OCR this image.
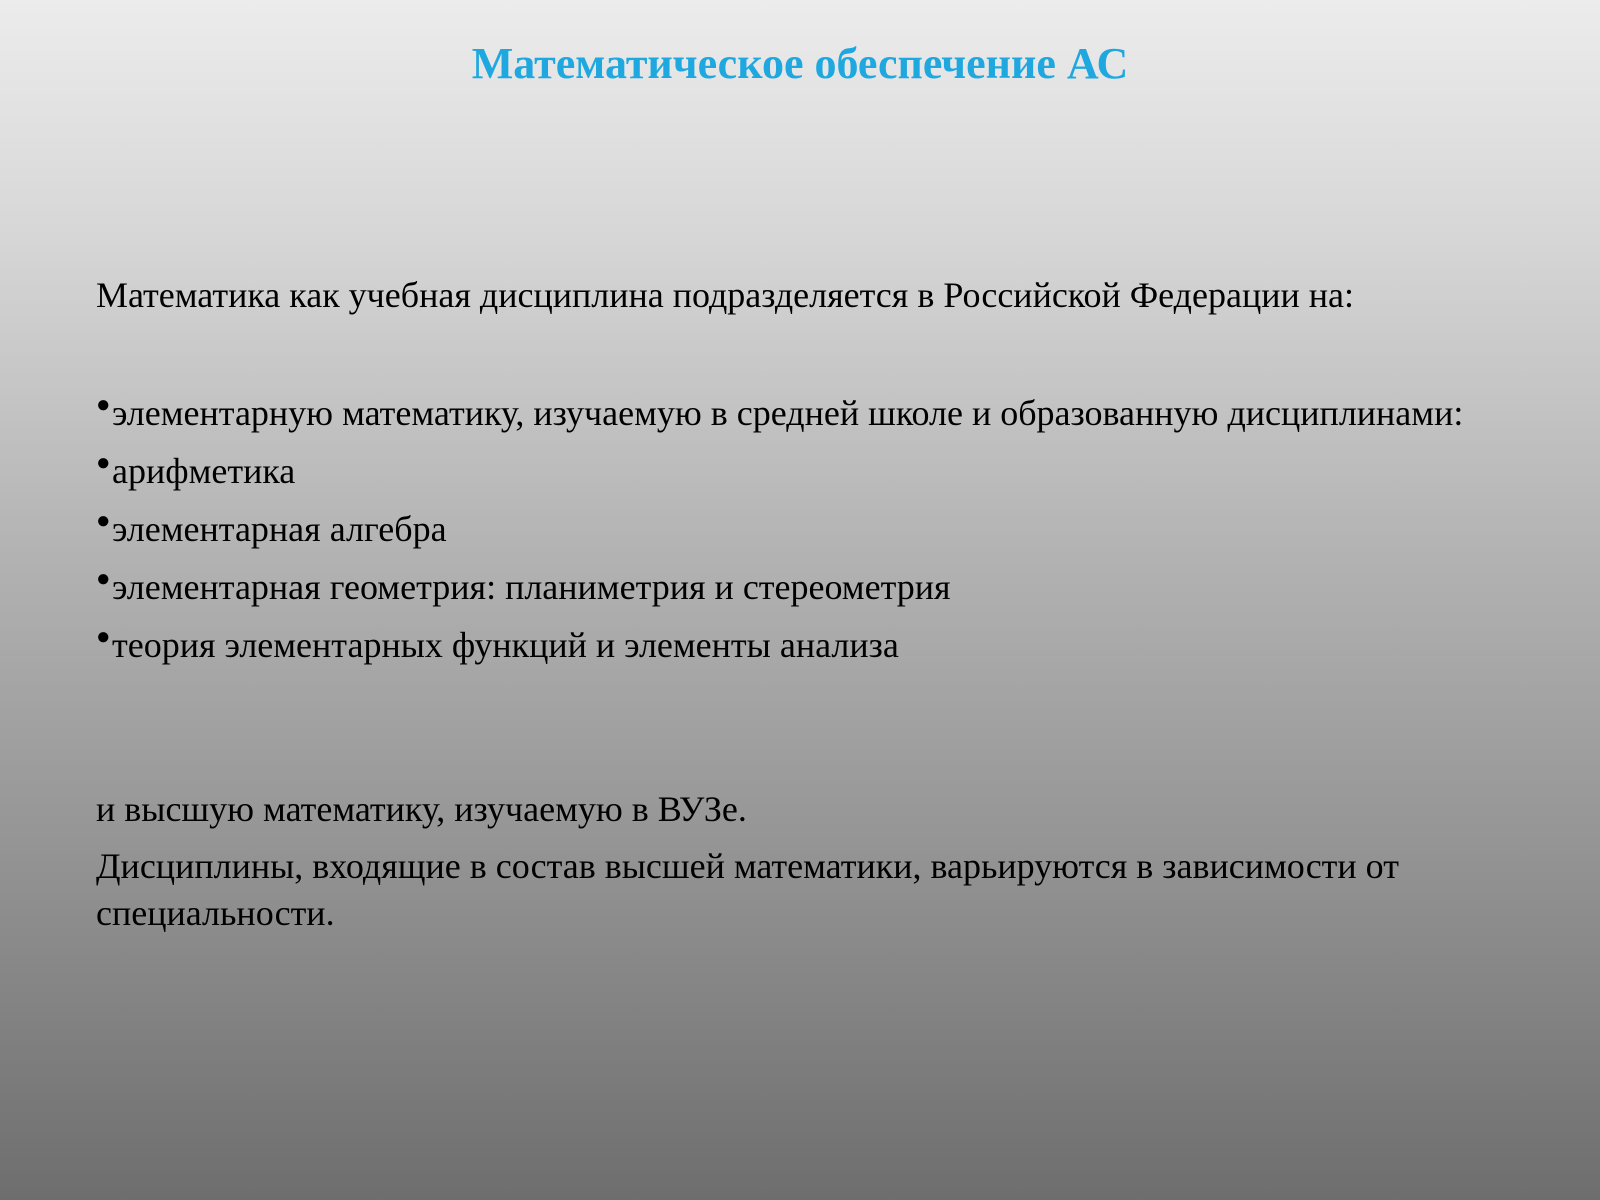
Математическое обеспечение АС

Математика как учебная дисциплина подразделяется в Российской Федерации на:

●элементарную математику, изучаемую в средней школе и образованную дисциплинами:
●арифметика
●элементарная алгебра
●элементарная геометрия: планиметрия и стереометрия
●теория элементарных функций и элементы анализа

и высшую математику, изучаемую в ВУЗе.

Дисциплины, входящие в состав высшей математики, варьируются в зависимости от специальности.
